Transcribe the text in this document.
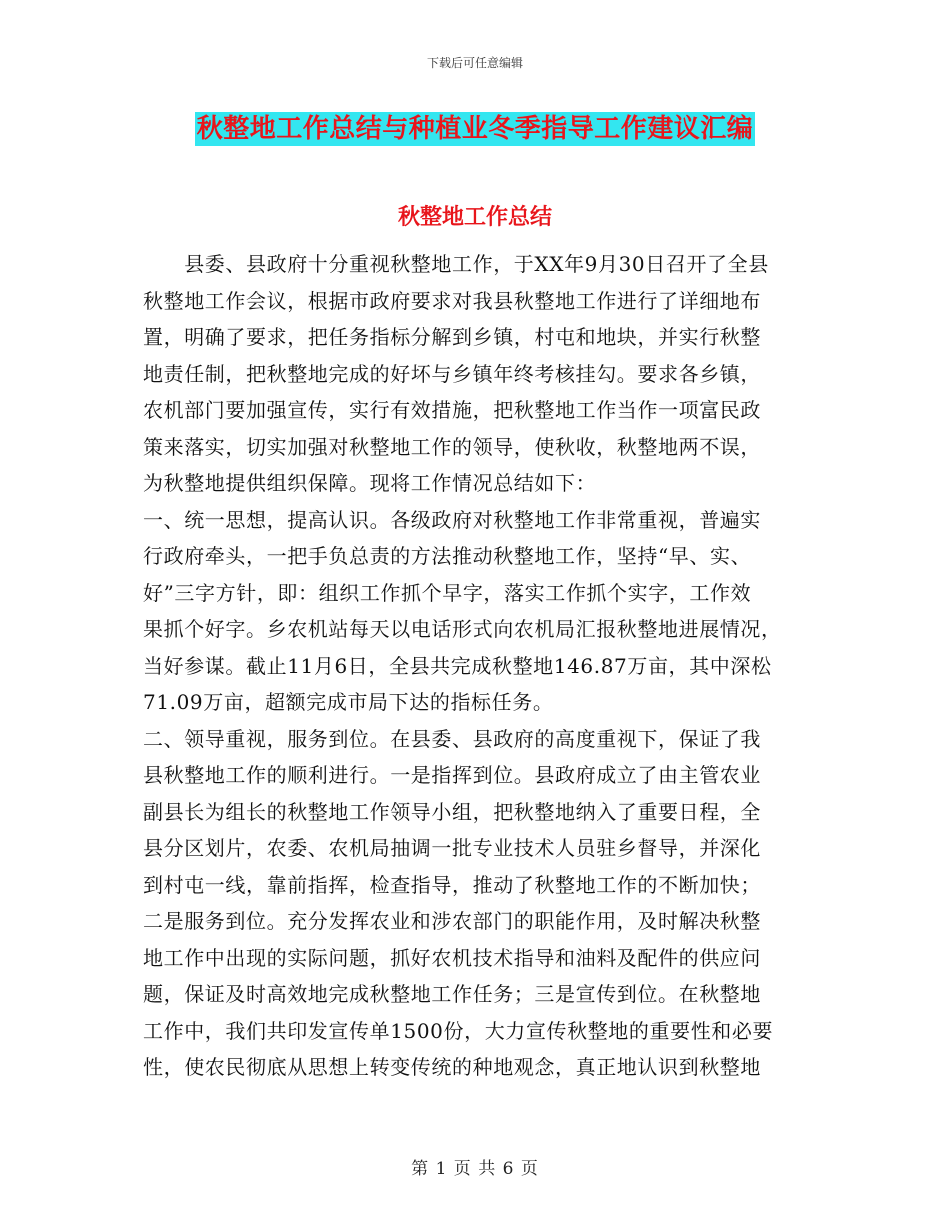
下载后可任意编辑
秋整地工作总结与种植业冬季指导工作建议汇编
秋整地工作总结
　　县委、县政府十分重视秋整地工作，于XX年9月30日召开了全县
秋整地工作会议，根据市政府要求对我县秋整地工作进行了详细地布
置，明确了要求，把任务指标分解到乡镇，村屯和地块，并实行秋整
地责任制，把秋整地完成的好坏与乡镇年终考核挂勾。要求各乡镇，
农机部门要加强宣传，实行有效措施，把秋整地工作当作一项富民政
策来落实，切实加强对秋整地工作的领导，使秋收，秋整地两不误，
为秋整地提供组织保障。现将工作情况总结如下：
一、统一思想，提高认识。各级政府对秋整地工作非常重视，普遍实
行政府牵头，一把手负总责的方法推动秋整地工作，坚持“早、实、
好”三字方针，即：组织工作抓个早字，落实工作抓个实字，工作效
果抓个好字。乡农机站每天以电话形式向农机局汇报秋整地进展情况，
当好参谋。截止11月6日，全县共完成秋整地146.87万亩，其中深松
71.09万亩，超额完成市局下达的指标任务。
二、领导重视，服务到位。在县委、县政府的高度重视下，保证了我
县秋整地工作的顺利进行。一是指挥到位。县政府成立了由主管农业
副县长为组长的秋整地工作领导小组，把秋整地纳入了重要日程，全
县分区划片，农委、农机局抽调一批专业技术人员驻乡督导，并深化
到村屯一线，靠前指挥，检查指导，推动了秋整地工作的不断加快；
二是服务到位。充分发挥农业和涉农部门的职能作用，及时解决秋整
地工作中出现的实际问题，抓好农机技术指导和油料及配件的供应问
题，保证及时高效地完成秋整地工作任务；三是宣传到位。在秋整地
工作中，我们共印发宣传单1500份，大力宣传秋整地的重要性和必要
性，使农民彻底从思想上转变传统的种地观念，真正地认识到秋整地
第 1 页 共 6 页
